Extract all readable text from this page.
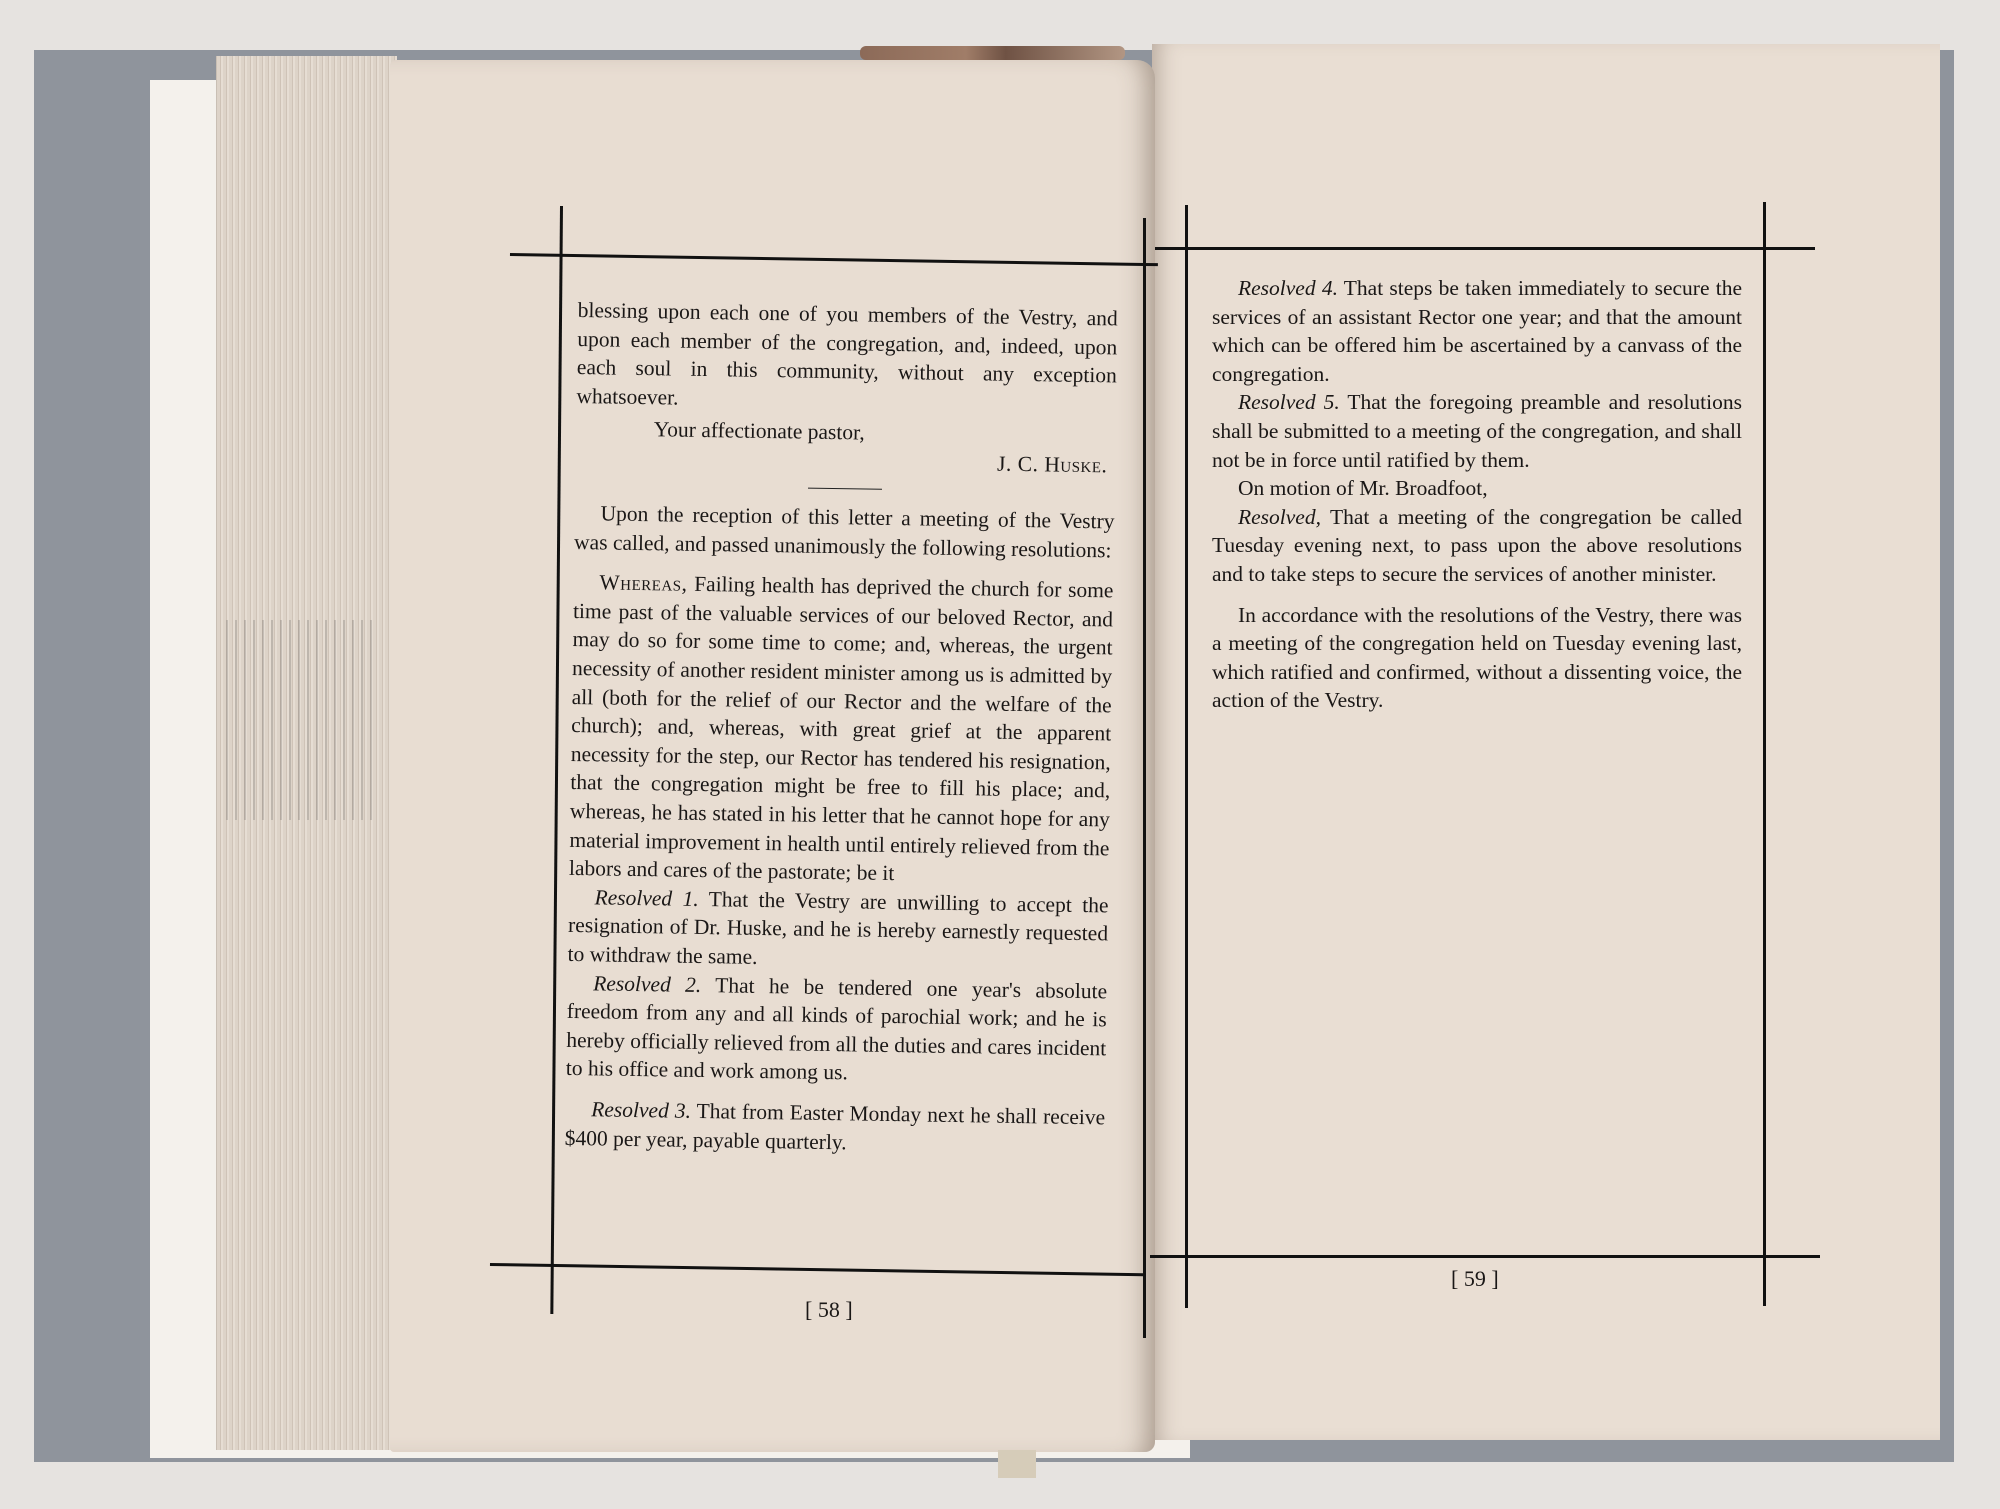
blessing upon each one of you members of the Vestry, and upon each member of the congregation, and, indeed, upon each soul in this community, without any exception whatsoever.

Your affectionate pastor,

J. C. Huske.

Upon the reception of this letter a meeting of the Vestry was called, and passed unanimously the following resolutions:

Whereas, Failing health has deprived the church for some time past of the valuable services of our beloved Rector, and may do so for some time to come; and, whereas, the urgent necessity of another resident minister among us is admitted by all (both for the relief of our Rector and the welfare of the church); and, whereas, with great grief at the apparent necessity for the step, our Rector has tendered his resignation, that the congregation might be free to fill his place; and, whereas, he has stated in his letter that he cannot hope for any material improvement in health until entirely relieved from the labors and cares of the pastorate; be it

Resolved 1. That the Vestry are unwilling to accept the resignation of Dr. Huske, and he is hereby earnestly requested to withdraw the same.

Resolved 2. That he be tendered one year's absolute freedom from any and all kinds of parochial work; and he is hereby officially relieved from all the duties and cares incident to his office and work among us.

Resolved 3. That from Easter Monday next he shall receive $400 per year, payable quarterly.

[ 58 ]

Resolved 4. That steps be taken immediately to secure the services of an assistant Rector one year; and that the amount which can be offered him be ascertained by a canvass of the congregation.

Resolved 5. That the foregoing preamble and resolutions shall be submitted to a meeting of the congregation, and shall not be in force until ratified by them.

On motion of Mr. Broadfoot,

Resolved, That a meeting of the congregation be called Tuesday evening next, to pass upon the above resolutions and to take steps to secure the services of another minister.

In accordance with the resolutions of the Vestry, there was a meeting of the congregation held on Tuesday evening last, which ratified and confirmed, without a dissenting voice, the action of the Vestry.

[ 59 ]
